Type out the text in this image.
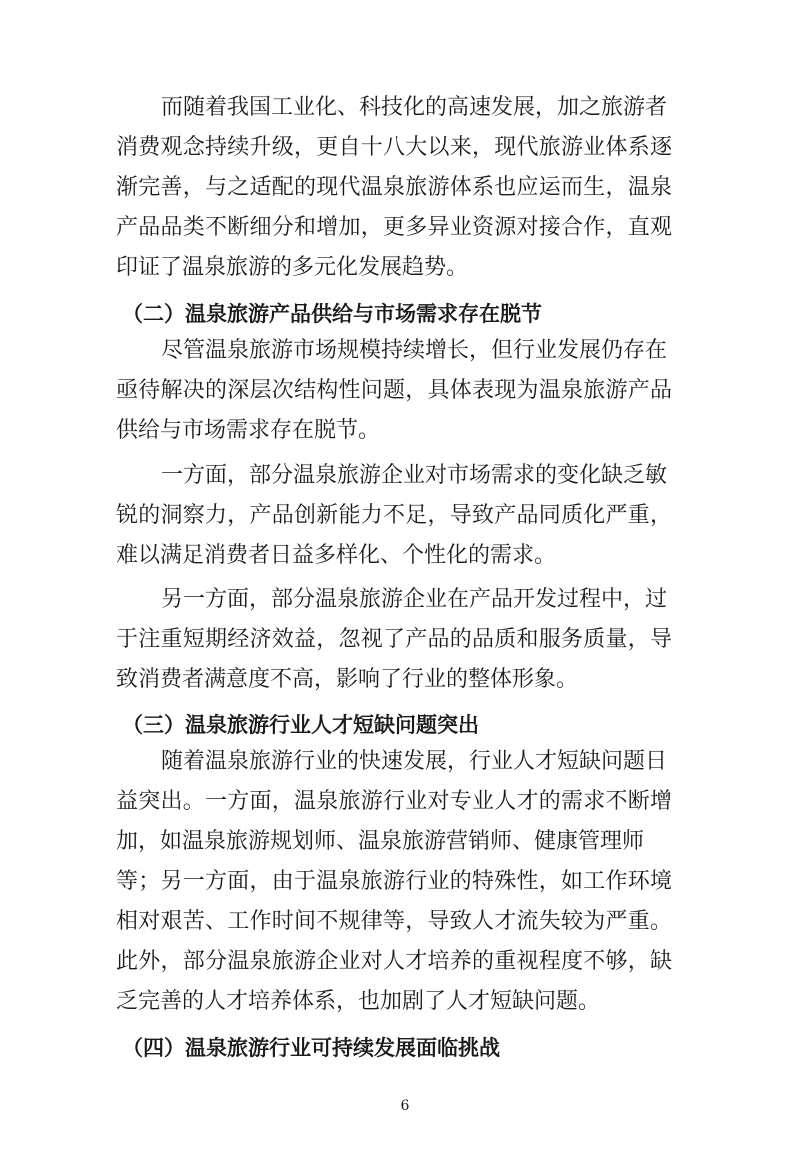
而随着我国工业化、科技化的高速发展，加之旅游者
消费观念持续升级，更自十八大以来，现代旅游业体系逐
渐完善，与之适配的现代温泉旅游体系也应运而生，温泉
产品品类不断细分和增加，更多异业资源对接合作，直观
印证了温泉旅游的多元化发展趋势。
（二）温泉旅游产品供给与市场需求存在脱节
尽管温泉旅游市场规模持续增长，但行业发展仍存在
亟待解决的深层次结构性问题，具体表现为温泉旅游产品
供给与市场需求存在脱节。
一方面，部分温泉旅游企业对市场需求的变化缺乏敏
锐的洞察力，产品创新能力不足，导致产品同质化严重，
难以满足消费者日益多样化、个性化的需求。
另一方面，部分温泉旅游企业在产品开发过程中，过
于注重短期经济效益，忽视了产品的品质和服务质量，导
致消费者满意度不高，影响了行业的整体形象。
（三）温泉旅游行业人才短缺问题突出
随着温泉旅游行业的快速发展，行业人才短缺问题日
益突出。一方面，温泉旅游行业对专业人才的需求不断增
加，如温泉旅游规划师、温泉旅游营销师、健康管理师
等；另一方面，由于温泉旅游行业的特殊性，如工作环境
相对艰苦、工作时间不规律等，导致人才流失较为严重。
此外，部分温泉旅游企业对人才培养的重视程度不够，缺
乏完善的人才培养体系，也加剧了人才短缺问题。
（四）温泉旅游行业可持续发展面临挑战
6
